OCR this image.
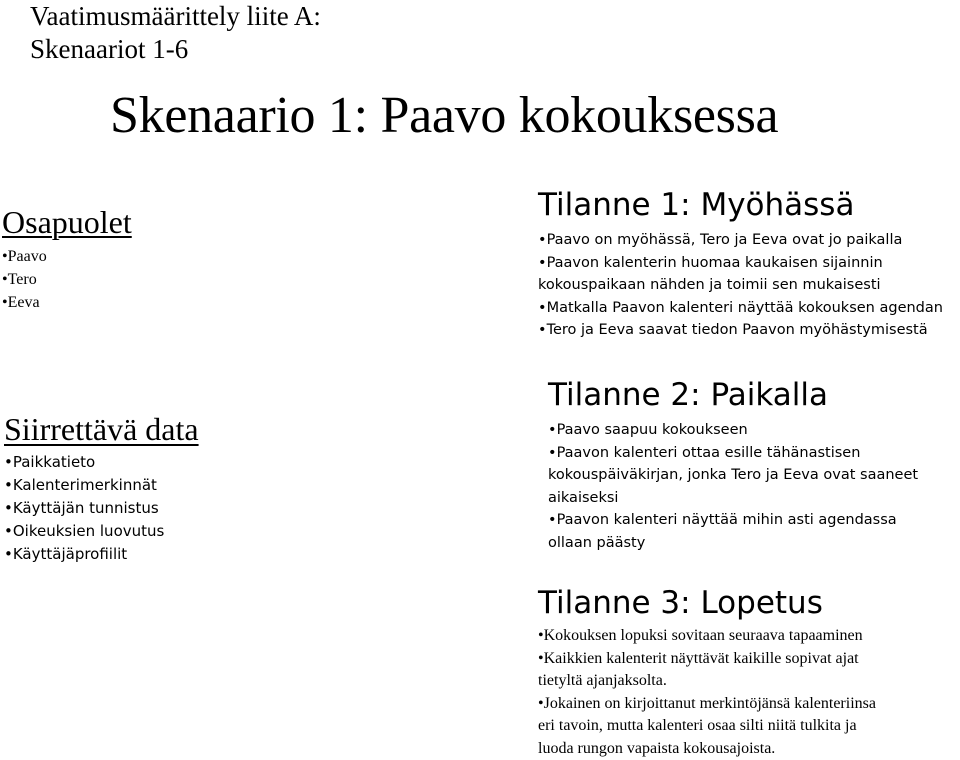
Vaatimusmäärittely liite A:
Skenaariot 1-6
Skenaario 1: Paavo kokouksessa
Osapuolet
• Paavo
• Tero
• Eeva
Siirrettävä data
• Paikkatieto
• Kalenterimerkinnät
• Käyttäjän tunnistus
• Oikeuksien luovutus
• Käyttäjäprofiilit
Tilanne 1: Myöhässä
• Paavo on myöhässä, Tero ja Eeva ovat jo paikalla
• Paavon kalenterin huomaa kaukaisen sijainnin
kokouspaikaan nähden ja toimii sen mukaisesti
• Matkalla Paavon kalenteri näyttää kokouksen agendan
• Tero ja Eeva saavat tiedon Paavon myöhästymisestä
Tilanne 2: Paikalla
• Paavo saapuu kokoukseen
• Paavon kalenteri ottaa esille tähänastisen
kokouspäiväkirjan, jonka Tero ja Eeva ovat saaneet
aikaiseksi
• Paavon kalenteri näyttää mihin asti agendassa
ollaan päästy
Tilanne 3: Lopetus
• Kokouksen lopuksi sovitaan seuraava tapaaminen
• Kaikkien kalenterit näyttävät kaikille sopivat ajat
tietyltä ajanjaksolta.
• Jokainen on kirjoittanut merkintöjänsä kalenteriinsa
eri tavoin, mutta kalenteri osaa silti niitä tulkita ja
luoda rungon vapaista kokousajoista.
